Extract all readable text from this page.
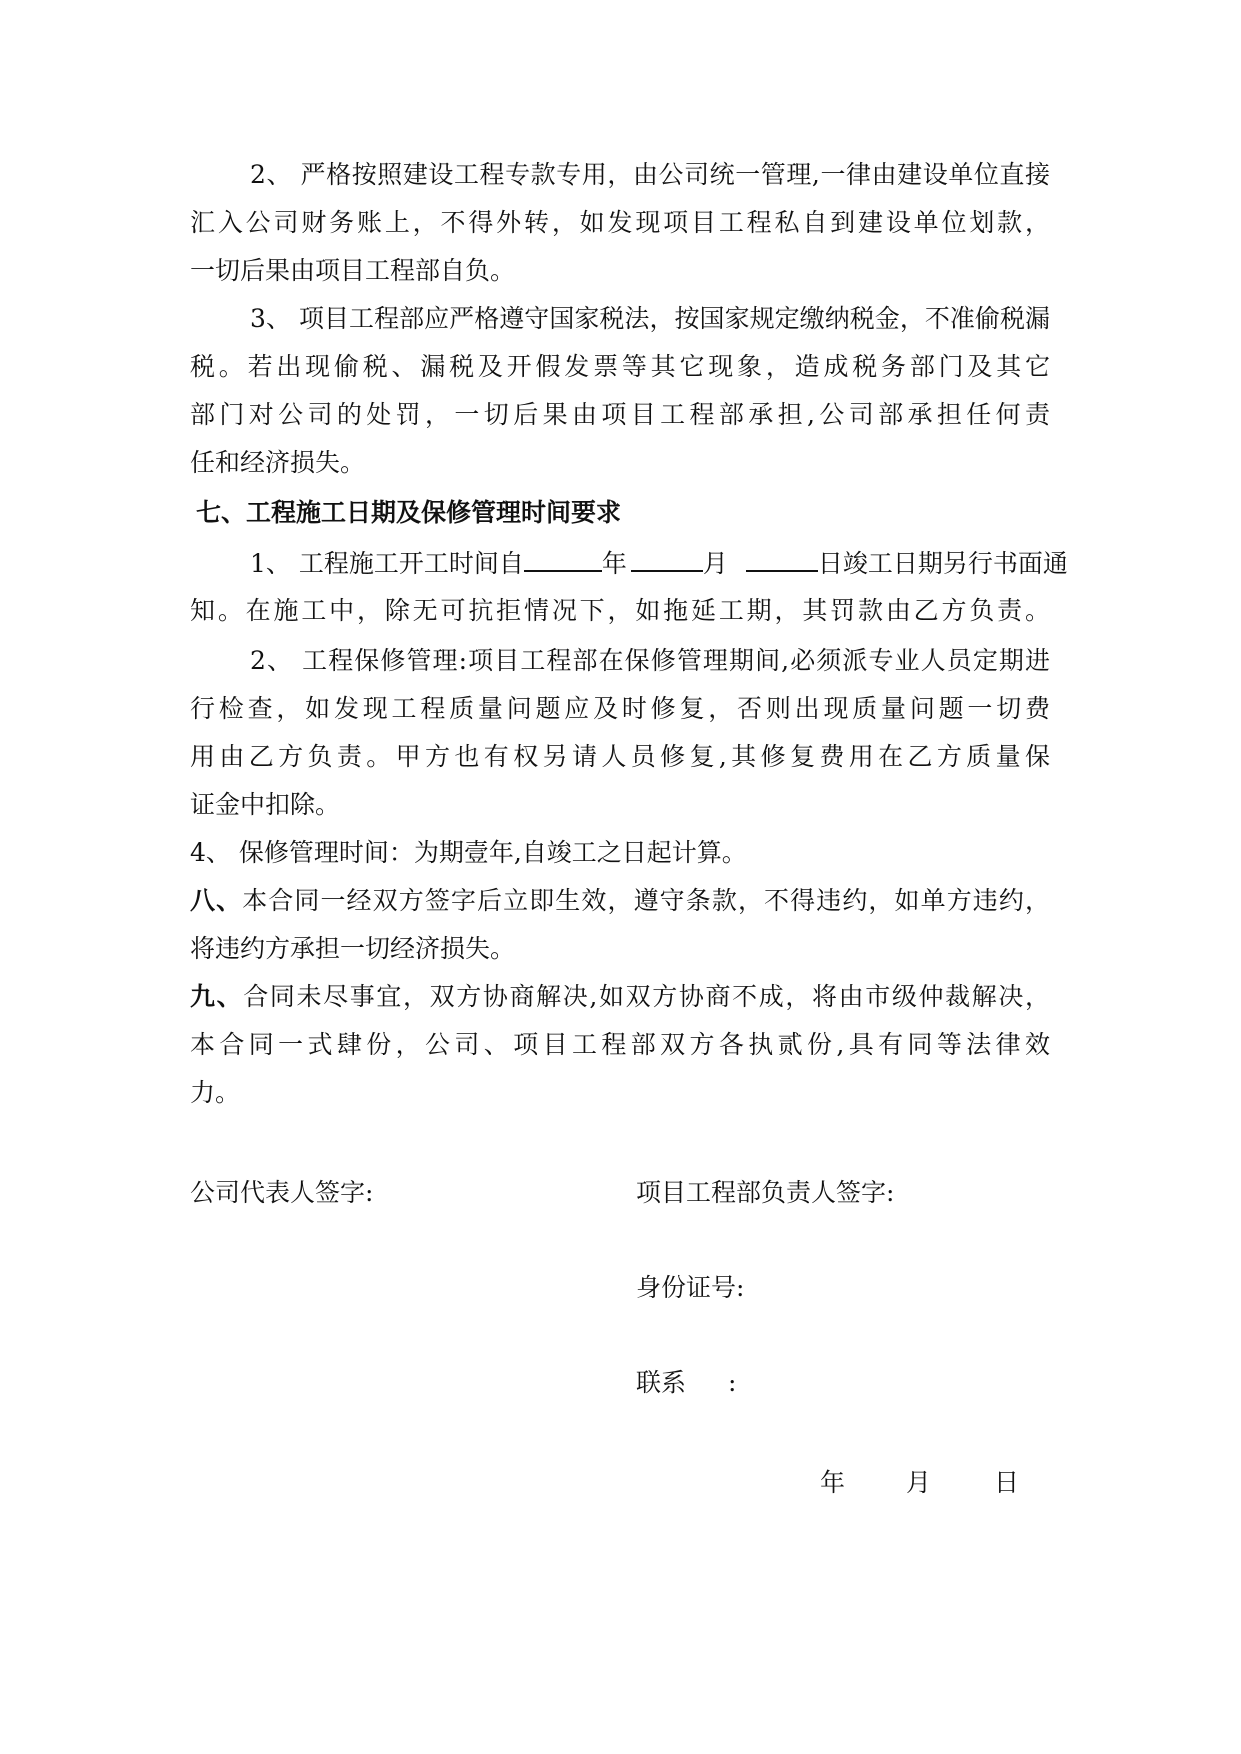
2、 严格按照建设工程专款专用，由公司统一管理,一律由建设单位直接
汇入公司财务账上，不得外转，如发现项目工程私自到建设单位划款，
一切后果由项目工程部自负。
3、 项目工程部应严格遵守国家税法，按国家规定缴纳税金，不准偷税漏
税。若出现偷税、漏税及开假发票等其它现象，造成税务部门及其它
部门对公司的处罚，一切后果由项目工程部承担,公司部承担任何责
任和经济损失。
七、工程施工日期及保修管理时间要求
1、 工程施工开工时间自	年	月	日竣工日期另行书面通
知。在施工中，除无可抗拒情况下，如拖延工期，其罚款由乙方负责。
2、 工程保修管理:项目工程部在保修管理期间,必须派专业人员定期进
行检查，如发现工程质量问题应及时修复，否则出现质量问题一切费
用由乙方负责。甲方也有权另请人员修复,其修复费用在乙方质量保
证金中扣除。
4、 保修管理时间：为期壹年,自竣工之日起计算。
八、本合同一经双方签字后立即生效，遵守条款，不得违约，如单方违约，
将违约方承担一切经济损失。
九、合同未尽事宜，双方协商解决,如双方协商不成，将由市级仲裁解决，
本合同一式肆份，公司、项目工程部双方各执贰份,具有同等法律效
力。
公司代表人签字:	项目工程部负责人签字:
身份证号:
联系 :
年 月	日
